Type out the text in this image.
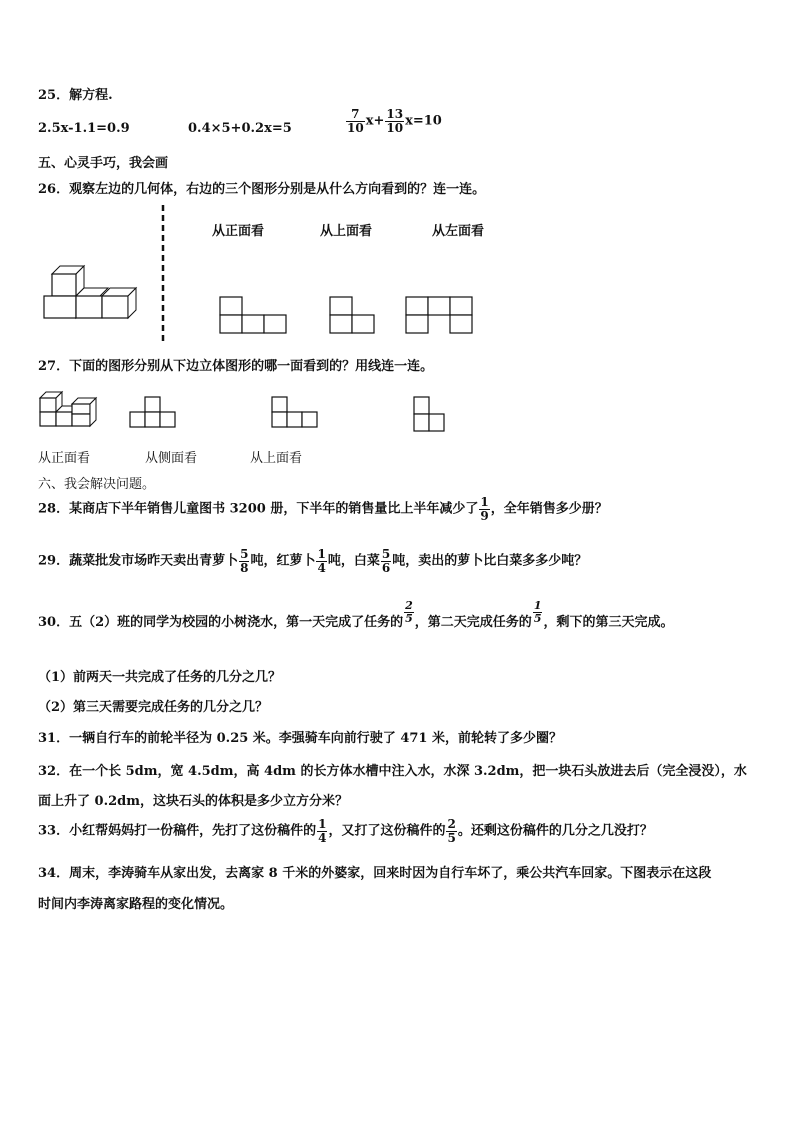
25．解方程.
2.5x-1.1=0.9	0.4×5+0.2x=5	$\frac{7}{10} x+ \frac{13}{10} x=10$
五、心灵手巧，我会画
26．观察左边的几何体，右边的三个图形分别是从什么方向看到的？连一连。
从正面看	从上面看	从左面看
27．下面的图形分别从下边立体图形的哪一面看到的？用线连一连。
从正面看	从侧面看	从上面看
六、我会解决问题。
28．某商店下半年销售儿童图书 3200 册，下半年的销售量比上半年减少了 $\frac{1}{9}$ ，全年销售多少册？
29．蔬菜批发市场昨天卖出青萝卜 $\frac{5}{8}$ 吨，红萝卜 $\frac{1}{4}$ 吨，白菜 $\frac{5}{6}$ 吨，卖出的萝卜比白菜多多少吨？
30．五（2）班的同学为校园的小树浇水，第一天完成了任务的 $\frac{2}{5}$ ，第二天完成任务的 $\frac{1}{5}$ ，剩下的第三天完成。
（1）前两天一共完成了任务的几分之几？
（2）第三天需要完成任务的几分之几？
31．一辆自行车的前轮半径为 0.25 米。李强骑车向前行驶了 471 米，前轮转了多少圈？
32．在一个长 5dm，宽 4.5dm，高 4dm 的长方体水槽中注入水，水深 3.2dm，把一块石头放进去后（完全浸没），水
面上升了 0.2dm，这块石头的体积是多少立方分米？
33．小红帮妈妈打一份稿件，先打了这份稿件的 $\frac{1}{4}$ ，又打了这份稿件的 $\frac{2}{5}$ 。还剩这份稿件的几分之几没打？
34．周末，李涛骑车从家出发，去离家 8 千米的外婆家，回来时因为自行车坏了，乘公共汽车回家。下图表示在这段
时间内李涛离家路程的变化情况。
